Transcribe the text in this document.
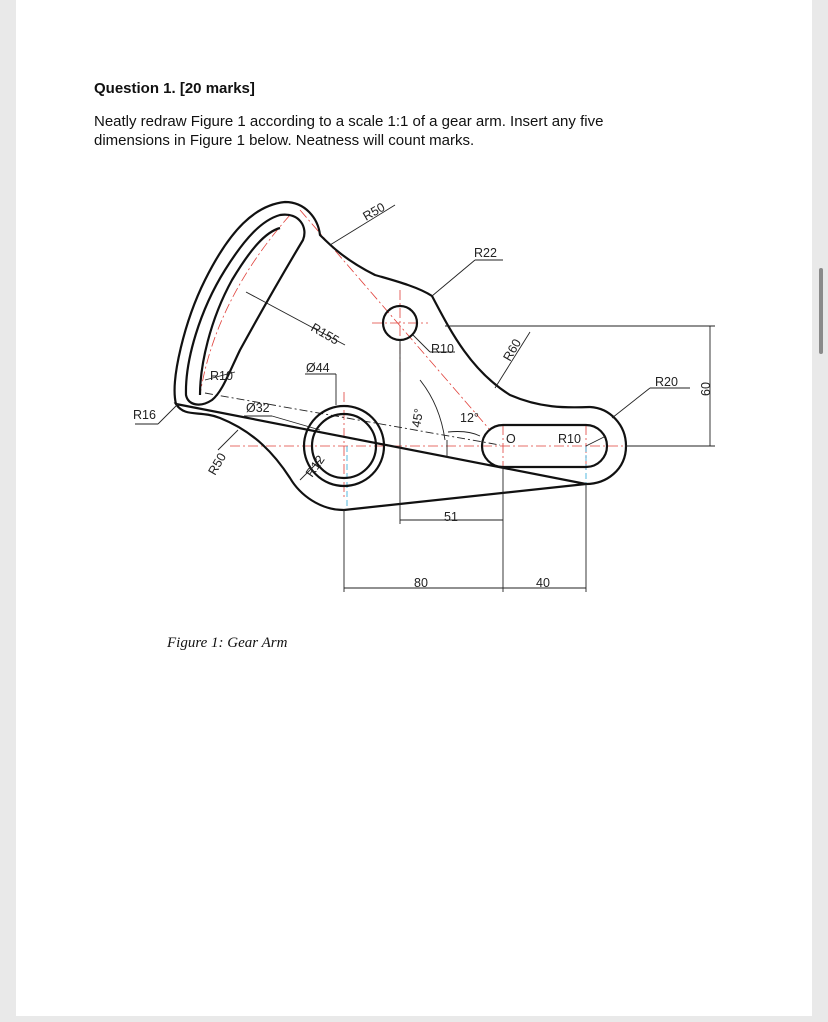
Question 1. [20 marks]
Neatly redraw Figure 1 according to a scale 1:1 of a gear arm. Insert any five
dimensions in Figure 1 below. Neatness will count marks.
R50
R22
R155
R10	R60
Ø44
R10	R20
60
R16	Ø32	45°	12°
O	R10
R50	R12
51
80	40
Figure 1: Gear Arm
